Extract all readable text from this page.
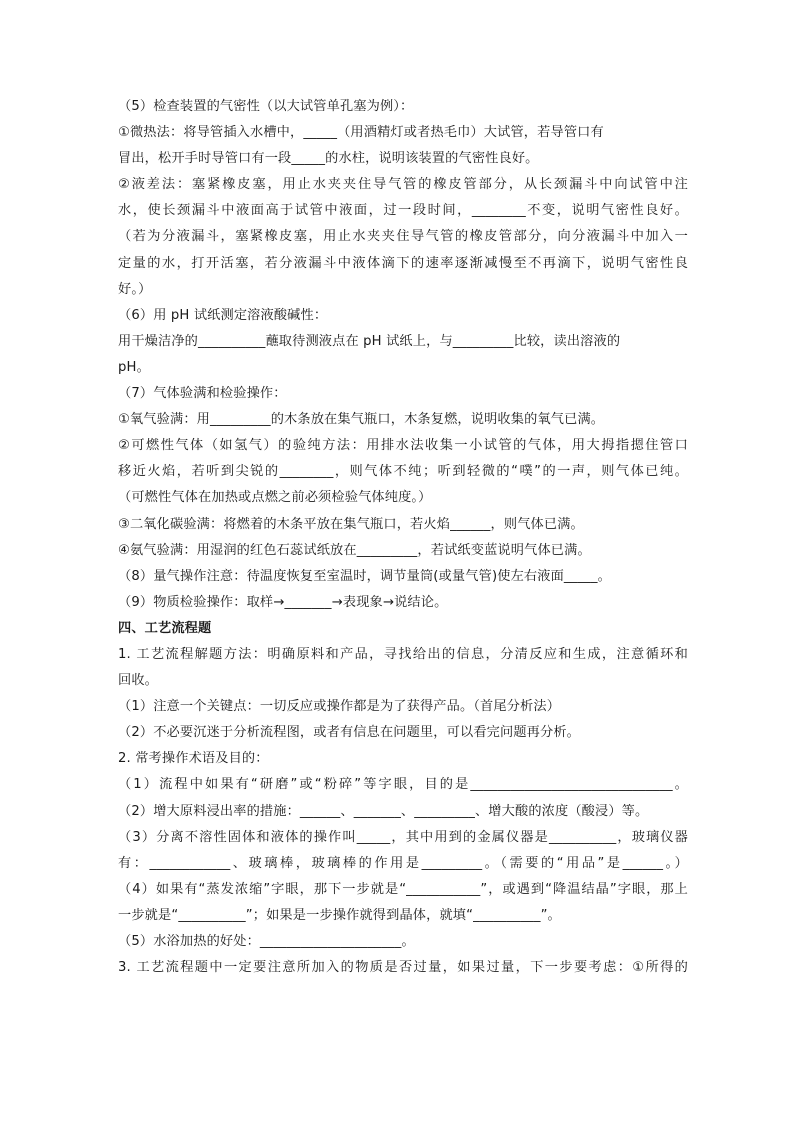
（5）检查装置的气密性（以大试管单孔塞为例）：
①微热法：将导管插入水槽中，_____（用酒精灯或者热毛巾）大试管，若导管口有
冒出，松开手时导管口有一段_____的水柱，说明该装置的气密性良好。
②液差法：塞紧橡皮塞，用止水夹夹住导气管的橡皮管部分，从长颈漏斗中向试管中注
水，使长颈漏斗中液面高于试管中液面，过一段时间，________不变，说明气密性良好。
（若为分液漏斗，塞紧橡皮塞，用止水夹夹住导气管的橡皮管部分，向分液漏斗中加入一
定量的水，打开活塞，若分液漏斗中液体滴下的速率逐渐减慢至不再滴下，说明气密性良
好。）
（6）用 pH 试纸测定溶液酸碱性：
用干燥洁净的__________蘸取待测液点在 pH 试纸上，与_________比较，读出溶液的
pH。
（7）气体验满和检验操作：
①氧气验满：用_________的木条放在集气瓶口，木条复燃，说明收集的氧气已满。
②可燃性气体（如氢气）的验纯方法：用排水法收集一小试管的气体，用大拇指摁住管口
移近火焰，若听到尖锐的________，则气体不纯；听到轻微的“噗”的一声，则气体已纯。
（可燃性气体在加热或点燃之前必须检验气体纯度。）
③二氧化碳验满：将燃着的木条平放在集气瓶口，若火焰______，则气体已满。
④氨气验满：用湿润的红色石蕊试纸放在_________，若试纸变蓝说明气体已满。
（8）量气操作注意：待温度恢复至室温时，调节量筒(或量气管)使左右液面_____。
（9）物质检验操作：取样→_______→表现象→说结论。
四、工艺流程题
1. 工艺流程解题方法：明确原料和产品，寻找给出的信息，分清反应和生成，注意循环和
回收。
（1）注意一个关键点：一切反应或操作都是为了获得产品。（首尾分析法）
（2）不必要沉迷于分析流程图，或者有信息在问题里，可以看完问题再分析。
2. 常考操作术语及目的：
（1）流程中如果有“研磨”或“粉碎”等字眼，目的是______________________________。
（2）增大原料浸出率的措施：______、_______、_________、增大酸的浓度（酸浸）等。
（3）分离不溶性固体和液体的操作叫_____，其中用到的金属仪器是__________，玻璃仪器
有：____________、玻璃棒，玻璃棒的作用是_________。（需要的“用品”是______。）
（4）如果有“蒸发浓缩”字眼，那下一步就是“___________”，或遇到“降温结晶”字眼，那上
一步就是“__________”；如果是一步操作就得到晶体，就填“__________”。
（5）水浴加热的好处：_____________________。
3. 工艺流程题中一定要注意所加入的物质是否过量，如果过量，下一步要考虑：①所得的
